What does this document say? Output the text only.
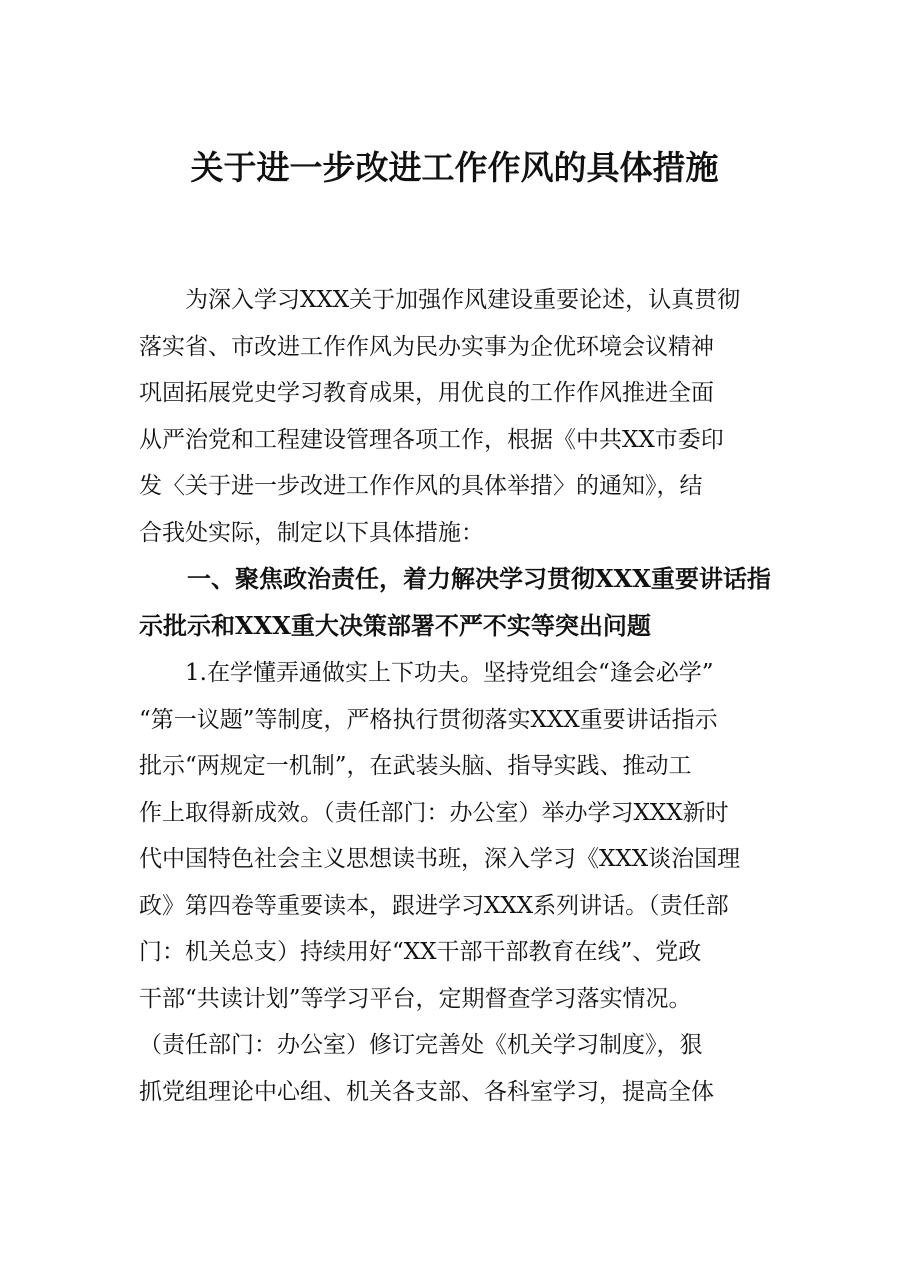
关于进一步改进工作作风的具体措施
　　为深入学习XXX关于加强作风建设重要论述，认真贯彻
落实省、市改进工作作风为民办实事为企优环境会议精神
巩固拓展党史学习教育成果，用优良的工作作风推进全面
从严治党和工程建设管理各项工作，根据《中共XX市委印
发〈关于进一步改进工作作风的具体举措〉的通知》，结
合我处实际，制定以下具体措施：
　　一、聚焦政治责任，着力解决学习贯彻XXX重要讲话指
示批示和XXX重大决策部署不严不实等突出问题
　　1.在学懂弄通做实上下功夫。坚持党组会“逢会必学”
“第一议题”等制度，严格执行贯彻落实XXX重要讲话指示
批示“两规定一机制”，在武装头脑、指导实践、推动工
作上取得新成效。（责任部门：办公室）举办学习XXX新时
代中国特色社会主义思想读书班，深入学习《XXX谈治国理
政》第四卷等重要读本，跟进学习XXX系列讲话。（责任部
门：机关总支）持续用好“XX干部干部教育在线”、党政
干部“共读计划”等学习平台，定期督查学习落实情况。
（责任部门：办公室）修订完善处《机关学习制度》，狠
抓党组理论中心组、机关各支部、各科室学习，提高全体
